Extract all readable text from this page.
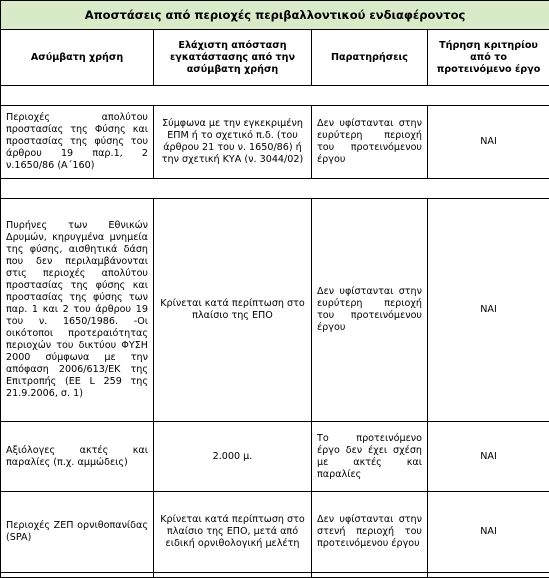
Αποστάσεις από περιοχές περιβαλλοντικού ενδιαφέροντος			
Ασύμβατη χρήση	Ελάχιστη απόσταση εγκατάστασης από την ασύμβατη χρήση	Παρατηρήσεις	Τήρηση κριτηρίου από το προτεινόμενο έργο

Περιοχές απολύτου προστασίας της Φύσης και προστασίας της φύσης του άρθρου 19 παρ.1, 2 ν.1650/86 (Α΄160)	Σύμφωνα με την εγκεκριμένη ΕΠΜ ή το σχετικό π.δ. (του άρθρου 21 του ν. 1650/86) ή την σχετική ΚΥΑ (ν. 3044/02)	Δεν υφίστανται στην ευρύτερη περιοχή του προτεινόμενου έργου	ΝΑΙ

Πυρήνες των Εθνικών Δρυμών, κηρυγμένα μνημεία της φύσης, αισθητικά δάση που δεν περιλαμβάνονται στις περιοχές απολύτου προστασίας της φύσης και προστασίας της φύσης των παρ. 1 και 2 του άρθρου 19 του ν. 1650/1986. -Οι οικότοποι προτεραιότητας περιοχών του δικτύου ΦΥΣΗ 2000 σύμφωνα με την απόφαση 2006/613/ΕΚ της Επιτροπής (ΕΕ L 259 της 21.9.2006, σ. 1)	Κρίνεται κατά περίπτωση στο πλαίσιο της ΕΠΟ	Δεν υφίστανται στην ευρύτερη περιοχή του προτεινόμενου έργου	ΝΑΙ
Αξιόλογες ακτές και παραλίες (π.χ. αμμώδεις)	2.000 μ.	Το προτεινόμενο έργο δεν έχει σχέση με ακτές και παραλίες	ΝΑΙ
Περιοχές ΖΕΠ ορνιθοπανίδας (SPA)	Κρίνεται κατά περίπτωση στο πλαίσιο της ΕΠΟ, μετά από ειδική ορνιθολογική μελέτη	Δεν υφίστανται στην στενή περιοχή του προτεινόμενου έργου	ΝΑΙ
